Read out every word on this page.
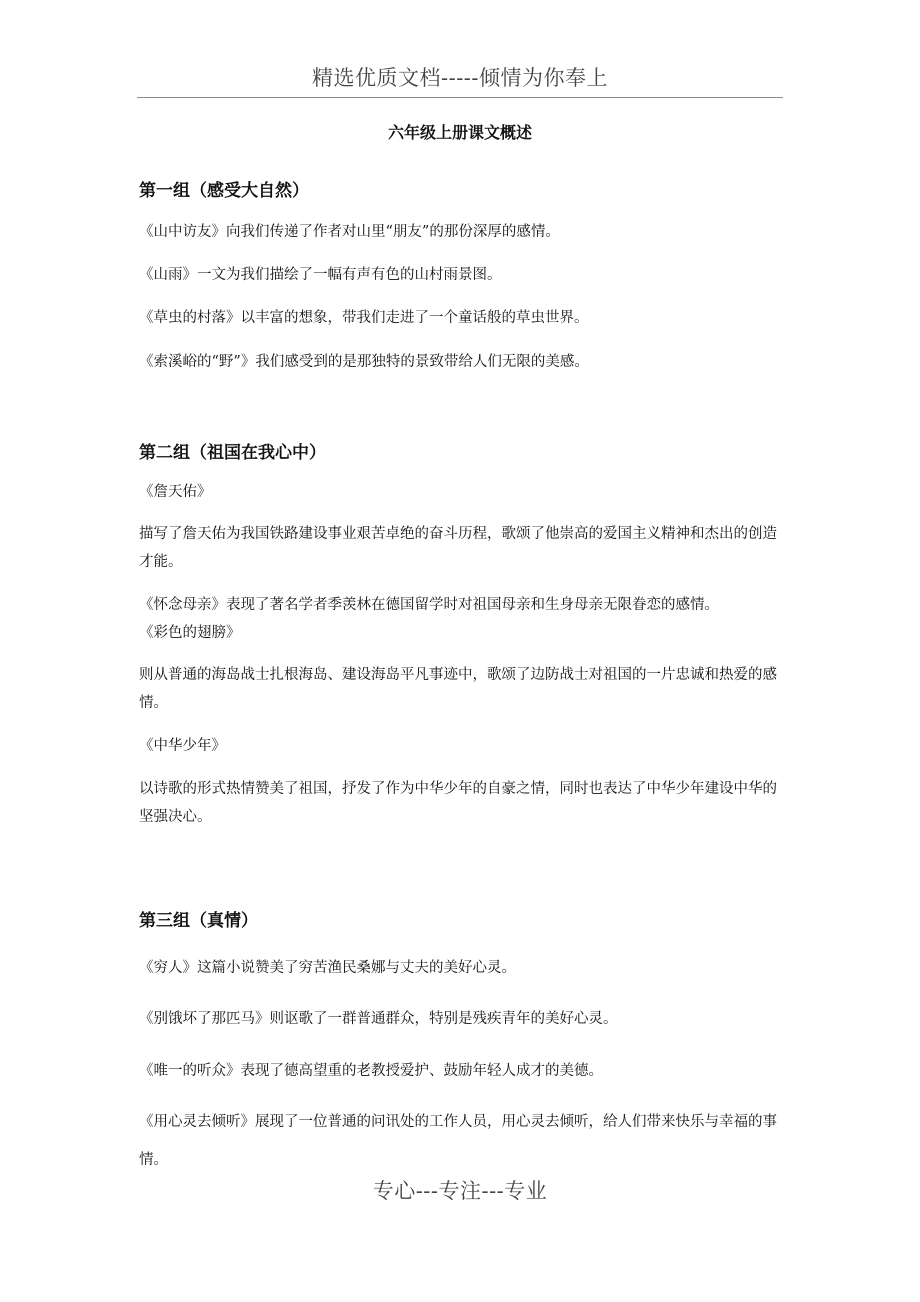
精选优质文档-----倾情为你奉上
六年级上册课文概述
第一组（感受大自然）
《山中访友》向我们传递了作者对山里“朋友”的那份深厚的感情。
《山雨》一文为我们描绘了一幅有声有色的山村雨景图。
《草虫的村落》以丰富的想象，带我们走进了一个童话般的草虫世界。
《索溪峪的“野”》我们感受到的是那独特的景致带给人们无限的美感。
第二组（祖国在我心中）
《詹天佑》
描写了詹天佑为我国铁路建设事业艰苦卓绝的奋斗历程，歌颂了他崇高的爱国主义精神和杰出的创造才能。
《怀念母亲》表现了著名学者季羡林在德国留学时对祖国母亲和生身母亲无限眷恋的感情。
《彩色的翅膀》
则从普通的海岛战士扎根海岛、建设海岛平凡事迹中，歌颂了边防战士对祖国的一片忠诚和热爱的感情。
《中华少年》
以诗歌的形式热情赞美了祖国，抒发了作为中华少年的自豪之情，同时也表达了中华少年建设中华的坚强决心。
第三组（真情）
《穷人》这篇小说赞美了穷苦渔民桑娜与丈夫的美好心灵。
《别饿坏了那匹马》则讴歌了一群普通群众，特别是残疾青年的美好心灵。
《唯一的听众》表现了德高望重的老教授爱护、鼓励年轻人成才的美德。
《用心灵去倾听》展现了一位普通的问讯处的工作人员，用心灵去倾听，给人们带来快乐与幸福的事情。
专心---专注---专业
